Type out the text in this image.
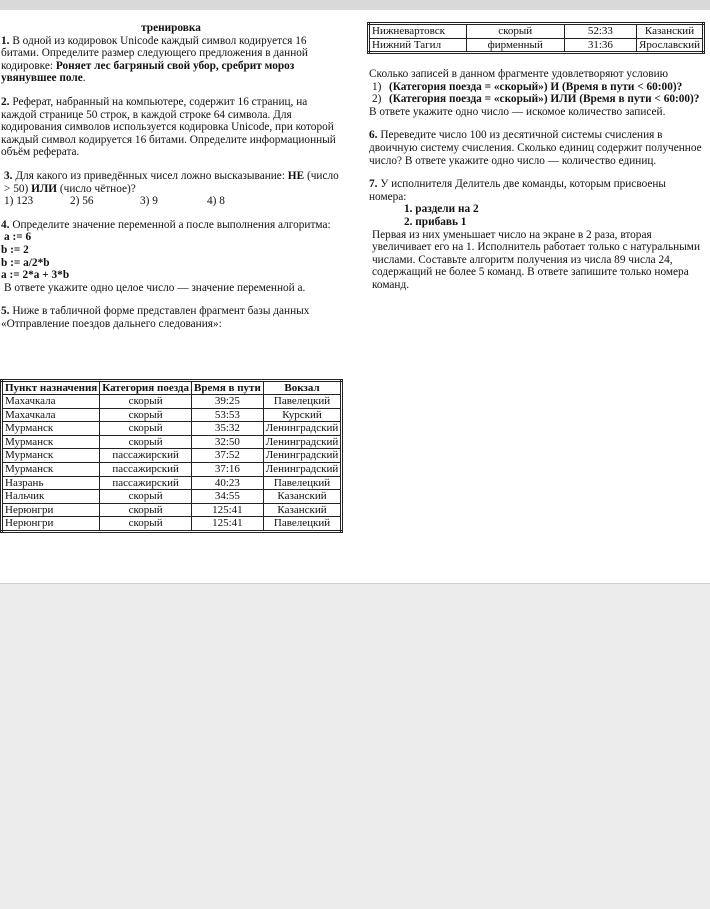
тренировка

1. В одной из кодировок Unicode каждый символ кодируется 16 битами. Определите размер следующего предложения в данной кодировке: Роняет лес багряный свой убор, сребрит мороз увянувшее поле.

2. Реферат, набранный на компьютере, содержит 16 страниц, на каждой странице 50 строк, в каждой строке 64 символа. Для кодирования символов используется кодировка Unicode, при которой каждый символ кодируется 16 битами. Определите информационный объём реферата.

3. Для какого из приведённых чисел ложно высказывание: НЕ (число > 50) ИЛИ (число чётное)?

1) 123	2) 56	3) 9	4) 8

4. Определите значение переменной a после выполнения алгоритма:

a := 6

b := 2

b := a/2*b

a := 2*a + 3*b

В ответе укажите одно целое число — значение переменной a.

5. Ниже в табличной форме представлен фрагмент базы данных «Отправление поездов дальнего следования»:

Пункт назначения	Категория поезда	Время в пути	Вокзал
Махачкала	скорый	39:25	Павелецкий
Махачкала	скорый	53:53	Курский
Мурманск	скорый	35:32	Ленинградский
Мурманск	скорый	32:50	Ленинградский
Мурманск	пассажирский	37:52	Ленинградский
Мурманск	пассажирский	37:16	Ленинградский
Назрань	пассажирский	40:23	Павелецкий
Нальчик	скорый	34:55	Казанский
Нерюнгри	скорый	125:41	Казанский
Нерюнгри	скорый	125:41	Павелецкий
Нижневартовск	скорый	52:33	Казанский
Нижний Тагил	фирменный	31:36	Ярославский

Сколько записей в данном фрагменте удовлетворяют условию

1) (Категория поезда = «скорый») И (Время в пути < 60:00)?
2) (Категория поезда = «скорый») ИЛИ (Время в пути < 60:00)?

В ответе укажите одно число — искомое количество записей.

6. Переведите число 100 из десятичной системы счисления в двоичную систему счисления. Сколько единиц содержит полученное число? В ответе укажите одно число — количество единиц.

7. У исполнителя Делитель две команды, которым присвоены номера:

1. раздели на 2

2. прибавь 1

Первая из них уменьшает число на экране в 2 раза, вторая увеличивает его на 1. Исполнитель работает только с натуральными числами. Составьте алгоритм получения из числа 89 числа 24, содержащий не более 5 команд. В ответе запишите только номера команд.
